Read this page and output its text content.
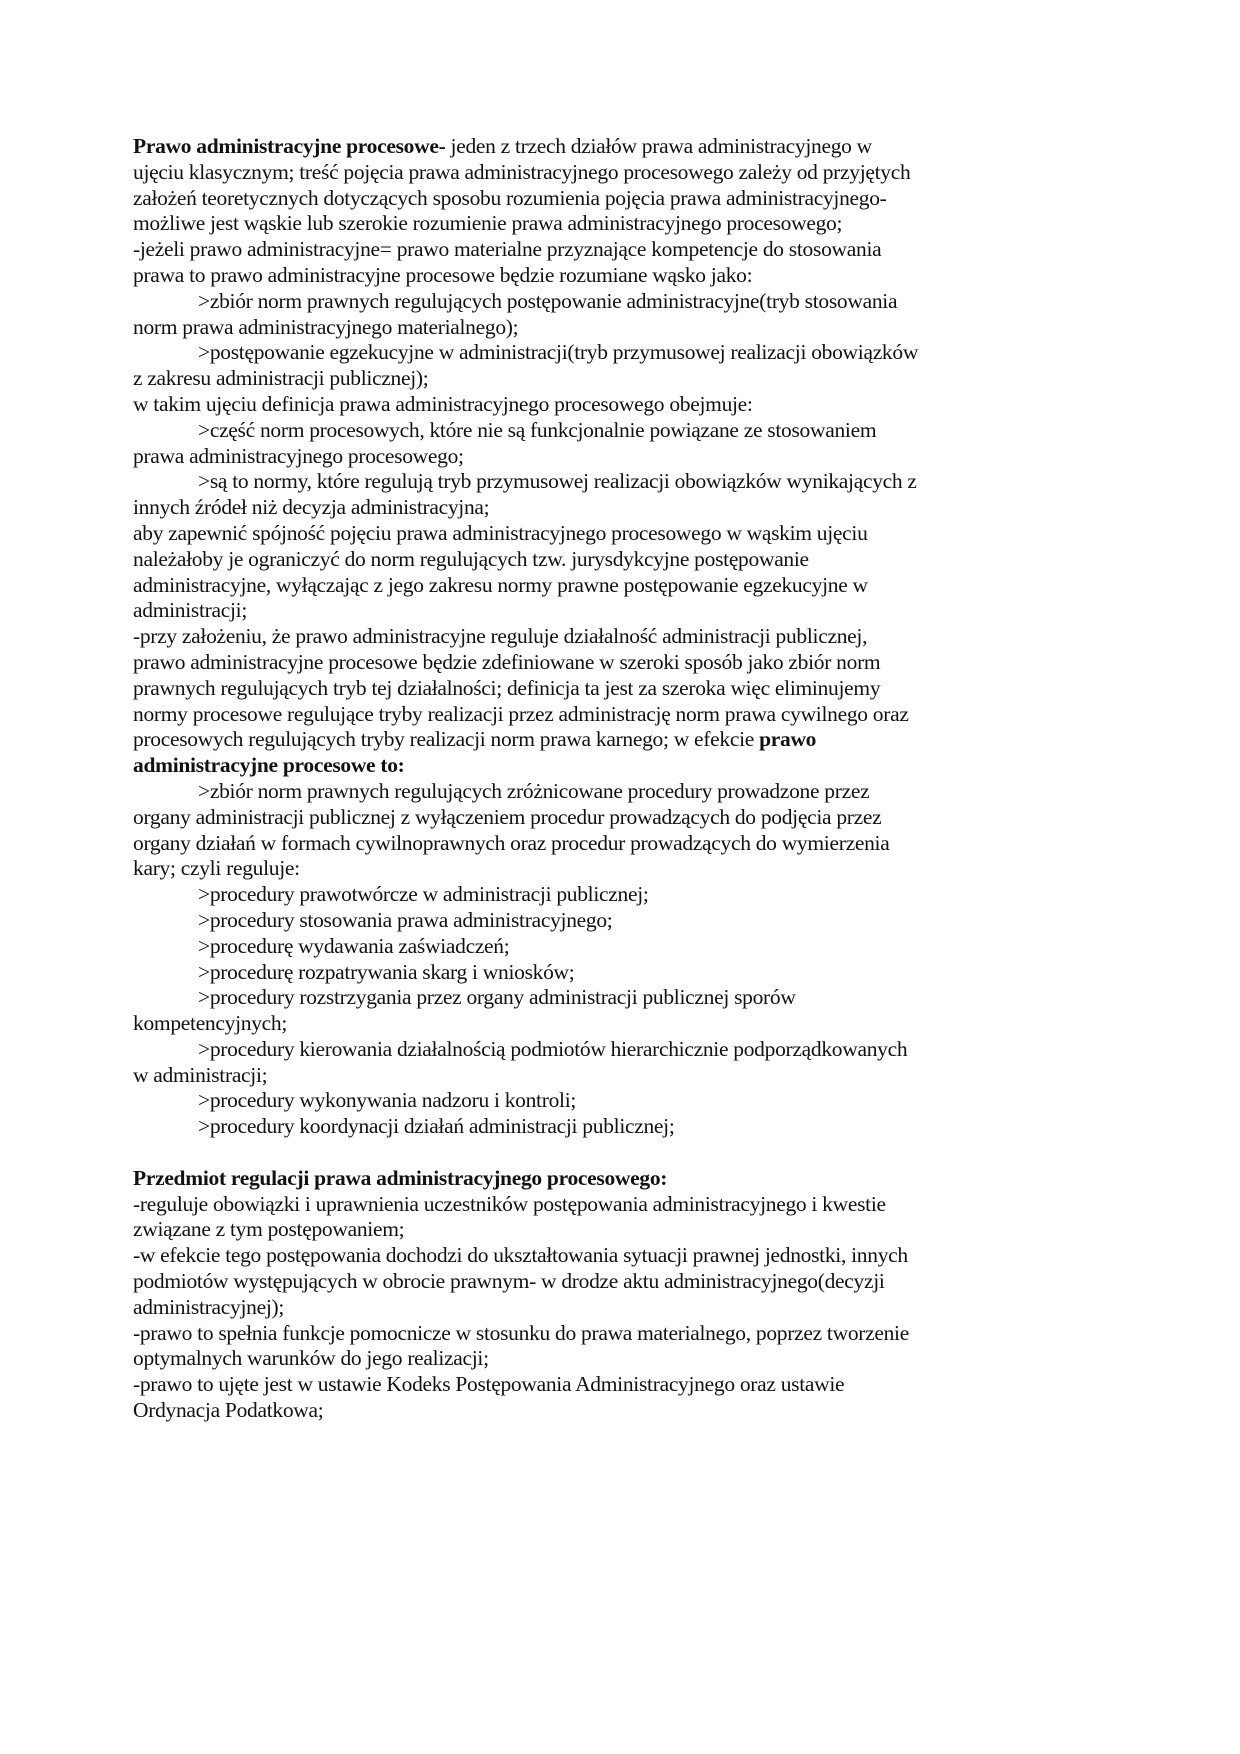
Prawo administracyjne procesowe- jeden z trzech działów prawa administracyjnego w
ujęciu klasycznym; treść pojęcia prawa administracyjnego procesowego zależy od przyjętych
założeń teoretycznych dotyczących sposobu rozumienia pojęcia prawa administracyjnego-
możliwe jest wąskie lub szerokie rozumienie prawa administracyjnego procesowego;
-jeżeli prawo administracyjne= prawo materialne przyznające kompetencje do stosowania
prawa to prawo administracyjne procesowe będzie rozumiane wąsko jako:
>zbiór norm prawnych regulujących postępowanie administracyjne(tryb stosowania
norm prawa administracyjnego materialnego);
>postępowanie egzekucyjne w administracji(tryb przymusowej realizacji obowiązków
z zakresu administracji publicznej);
w takim ujęciu definicja prawa administracyjnego procesowego obejmuje:
>część norm procesowych, które nie są funkcjonalnie powiązane ze stosowaniem
prawa administracyjnego procesowego;
>są to normy, które regulują tryb przymusowej realizacji obowiązków wynikających z
innych źródeł niż decyzja administracyjna;
aby zapewnić spójność pojęciu prawa administracyjnego procesowego w wąskim ujęciu
należałoby je ograniczyć do norm regulujących tzw. jurysdykcyjne postępowanie
administracyjne, wyłączając z jego zakresu normy prawne postępowanie egzekucyjne w
administracji;
-przy założeniu, że prawo administracyjne reguluje działalność administracji publicznej,
prawo administracyjne procesowe będzie zdefiniowane w szeroki sposób jako zbiór norm
prawnych regulujących tryb tej działalności; definicja ta jest za szeroka więc eliminujemy
normy procesowe regulujące tryby realizacji przez administrację norm prawa cywilnego oraz
procesowych regulujących tryby realizacji norm prawa karnego; w efekcie prawo
administracyjne procesowe to:
>zbiór norm prawnych regulujących zróżnicowane procedury prowadzone przez
organy administracji publicznej z wyłączeniem procedur prowadzących do podjęcia przez
organy działań w formach cywilnoprawnych oraz procedur prowadzących do wymierzenia
kary; czyli reguluje:
>procedury prawotwórcze w administracji publicznej;
>procedury stosowania prawa administracyjnego;
>procedurę wydawania zaświadczeń;
>procedurę rozpatrywania skarg i wniosków;
>procedury rozstrzygania przez organy administracji publicznej sporów
kompetencyjnych;
>procedury kierowania działalnością podmiotów hierarchicznie podporządkowanych
w administracji;
>procedury wykonywania nadzoru i kontroli;
>procedury koordynacji działań administracji publicznej;
Przedmiot regulacji prawa administracyjnego procesowego:
-reguluje obowiązki i uprawnienia uczestników postępowania administracyjnego i kwestie
związane z tym postępowaniem;
-w efekcie tego postępowania dochodzi do ukształtowania sytuacji prawnej jednostki, innych
podmiotów występujących w obrocie prawnym- w drodze aktu administracyjnego(decyzji
administracyjnej);
-prawo to spełnia funkcje pomocnicze w stosunku do prawa materialnego, poprzez tworzenie
optymalnych warunków do jego realizacji;
-prawo to ujęte jest w ustawie Kodeks Postępowania Administracyjnego oraz ustawie
Ordynacja Podatkowa;
